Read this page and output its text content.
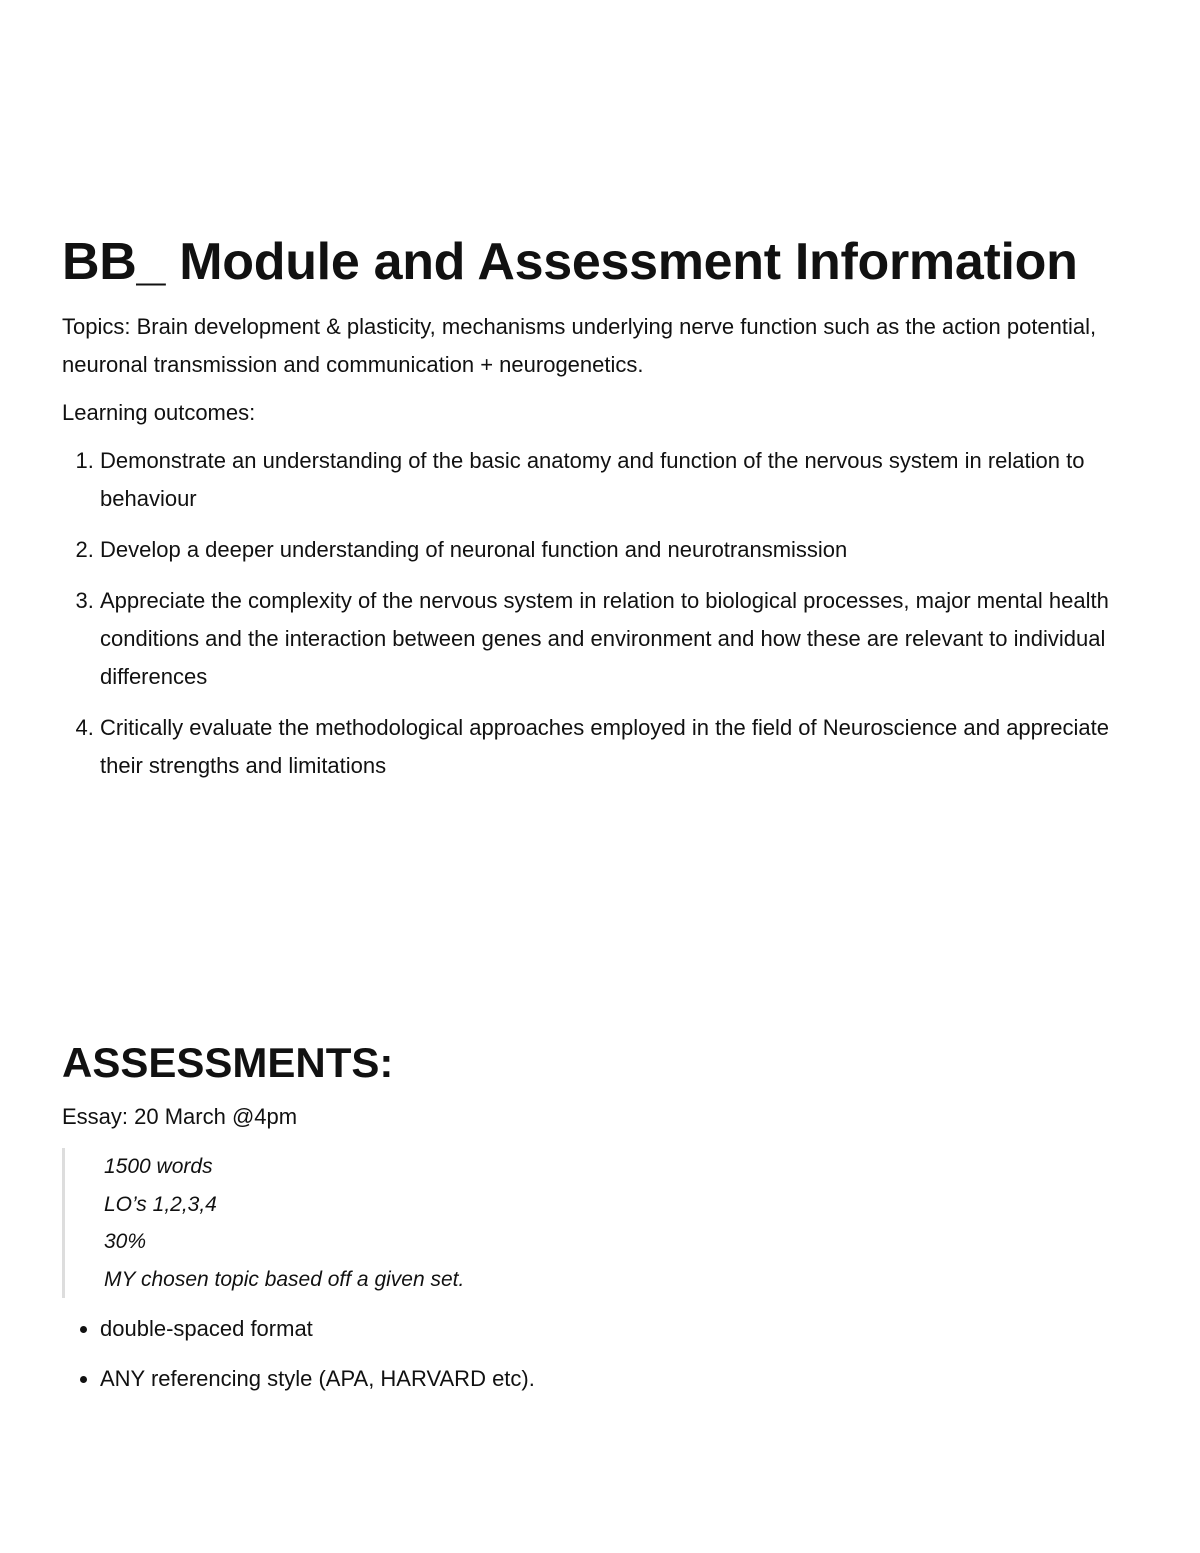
BB_ Module and Assessment Information

Topics: Brain development & plasticity, mechanisms underlying nerve function such as the action potential, neuronal transmission and communication + neurogenetics.

Learning outcomes:

1. Demonstrate an understanding of the basic anatomy and function of the nervous system in relation to behaviour
2. Develop a deeper understanding of neuronal function and neurotransmission
3. Appreciate the complexity of the nervous system in relation to biological processes, major mental health conditions and the interaction between genes and environment and how these are relevant to individual differences
4. Critically evaluate the methodological approaches employed in the field of Neuroscience and appreciate their strengths and limitations
ASSESSMENTS:

Essay: 20 March @4pm

1500 words
LO’s 1,2,3,4
30%
MY chosen topic based off a given set.
• double-spaced format
• ANY referencing style (APA, HARVARD etc).
